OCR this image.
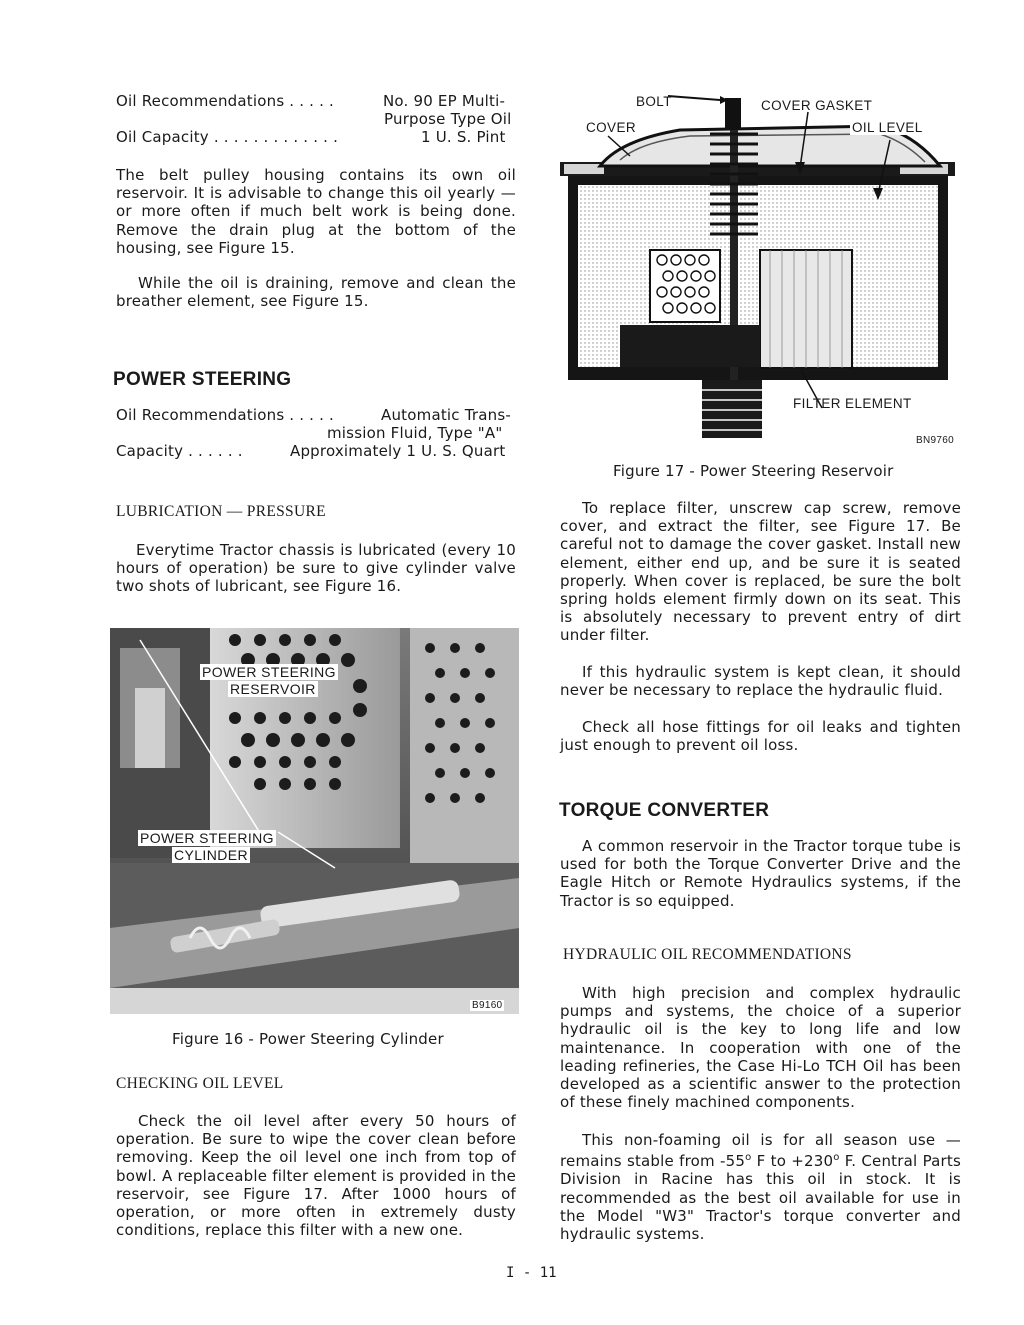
Oil Recommendations . . . . .	No. 90 EP Multi-
Purpose Type Oil
Oil Capacity . . . . . . . . . . . . .	1 U. S. Pint
The belt pulley housing contains its own oil reservoir. It is advisable to change this oil yearly — or more often if much belt work is being done. Remove the drain plug at the bottom of the housing, see Figure 15.
While the oil is draining, remove and clean the breather element, see Figure 15.
POWER STEERING
Oil Recommendations . . . . .	Automatic Trans-
mission Fluid, Type "A"
Capacity . . . . . .	Approximately 1 U. S. Quart
LUBRICATION — PRESSURE
Everytime Tractor chassis is lubricated (every 10 hours of operation) be sure to give cylinder valve two shots of lubricant, see Figure 16.
POWER STEERING
RESERVOIR
POWER STEERING
CYLINDER
B9160
Figure 16 - Power Steering Cylinder
CHECKING OIL LEVEL
Check the oil level after every 50 hours of operation. Be sure to wipe the cover clean before removing. Keep the oil level one inch from top of bowl. A replaceable filter element is provided in the reservoir, see Figure 17. After 1000 hours of operation, or more often in extremely dusty conditions, replace this filter with a new one.
BOLT
COVER
COVER GASKET
OIL LEVEL
FILTER ELEMENT
BN9760
Figure 17 - Power Steering Reservoir
To replace filter, unscrew cap screw, remove cover, and extract the filter, see Figure 17. Be careful not to damage the cover gasket. Install new element, either end up, and be sure it is seated properly. When cover is replaced, be sure the bolt spring holds element firmly down on its seat. This is absolutely necessary to prevent entry of dirt under filter.
If this hydraulic system is kept clean, it should never be necessary to replace the hydraulic fluid.
Check all hose fittings for oil leaks and tighten just enough to prevent oil loss.
TORQUE CONVERTER
A common reservoir in the Tractor torque tube is used for both the Torque Converter Drive and the Eagle Hitch or Remote Hydraulics systems, if the Tractor is so equipped.
HYDRAULIC OIL RECOMMENDATIONS
With high precision and complex hydraulic pumps and systems, the choice of a superior hydraulic oil is the key to long life and low maintenance. In cooperation with one of the leading refineries, the Case Hi-Lo TCH Oil has been developed as a scientific answer to the protection of these finely machined components.
This non-foaming oil is for all season use — remains stable from -55$^o$ F to $+230^o$ F. Central Parts Division in Racine has this oil in stock. It is recommended as the best oil available for use in the Model "W3" Tractor's torque converter and hydraulic systems.
I - 11
